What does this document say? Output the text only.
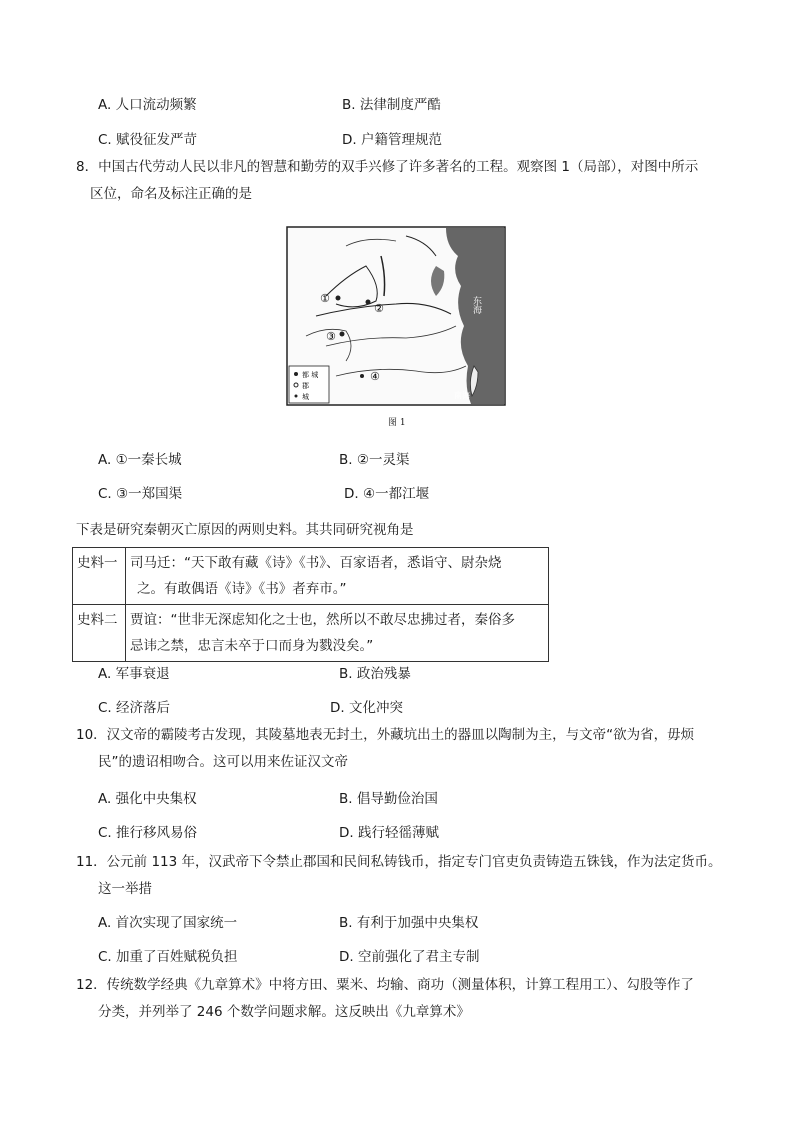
A. 人口流动频繁	B. 法律制度严酷
C. 赋役征发严苛	D. 户籍管理规范
8．中国古代劳动人民以非凡的智慧和勤劳的双手兴修了许多著名的工程。观察图 1（局部），对图中所示
区位，命名及标注正确的是
①
②
③
④
东海
南海
都 城
郡
城
图 1
A. ①一秦长城	B. ②一灵渠
C. ③一郑国渠	D. ④一都江堰
下表是研究秦朝灭亡原因的两则史料。其共同研究视角是
史料一	司马迁：“天下敢有藏《诗》《书》、百家语者，悉诣守、尉杂烧
之。有敢偶语《诗》《书》者弃市。”

史料二	贾谊：“世非无深虑知化之士也，然所以不敢尽忠拂过者，秦俗多
忌讳之禁，忠言未卒于口而身为戮没矣。”
A. 军事衰退	B. 政治残暴
C. 经济落后	D. 文化冲突
10．汉文帝的霸陵考古发现，其陵墓地表无封土，外藏坑出土的器皿以陶制为主，与文帝“欲为省，毋烦
民”的遗诏相吻合。这可以用来佐证汉文帝
A. 强化中央集权	B. 倡导勤俭治国
C. 推行移风易俗	D. 践行轻徭薄赋
11．公元前 113 年，汉武帝下令禁止郡国和民间私铸钱币，指定专门官吏负责铸造五铢钱，作为法定货币。
这一举措
A. 首次实现了国家统一	B. 有利于加强中央集权
C. 加重了百姓赋税负担	D. 空前强化了君主专制
12．传统数学经典《九章算术》中将方田、粟米、均输、商功（测量体积，计算工程用工）、勾股等作了
分类，并列举了 246 个数学问题求解。这反映出《九章算术》
